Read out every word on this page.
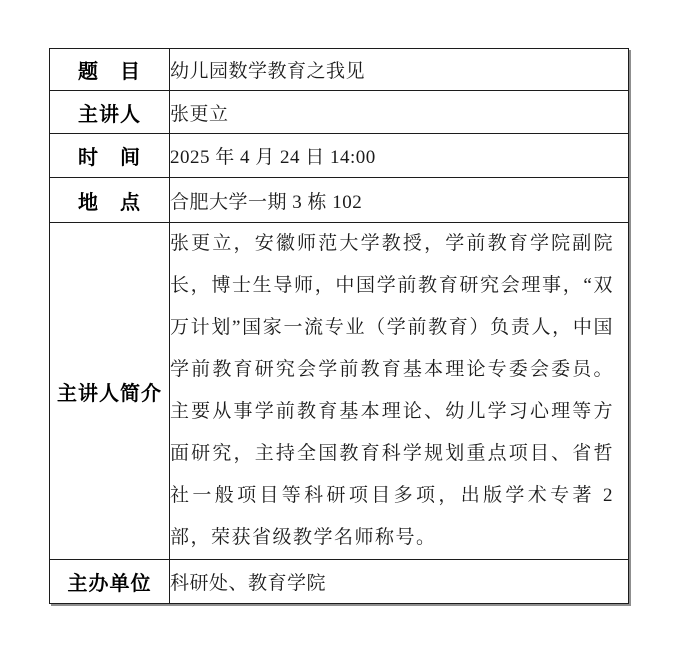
题　目	幼儿园数学教育之我见
主讲人	张更立
时　间	2025 年 4 月 24 日 14:00
地　点	合肥大学一期 3 栋 102
主讲人简介	张更立，安徽师范大学教授，学前教育学院副院长，博士生导师，中国学前教育研究会理事，“双万计划”国家一流专业（学前教育）负责人，中国学前教育研究会学前教育基本理论专委会委员。主要从事学前教育基本理论、幼儿学习心理等方面研究，主持全国教育科学规划重点项目、省哲社一般项目等科研项目多项，出版学术专著 2 部，荣获省级教学名师称号。
主办单位	科研处、教育学院
